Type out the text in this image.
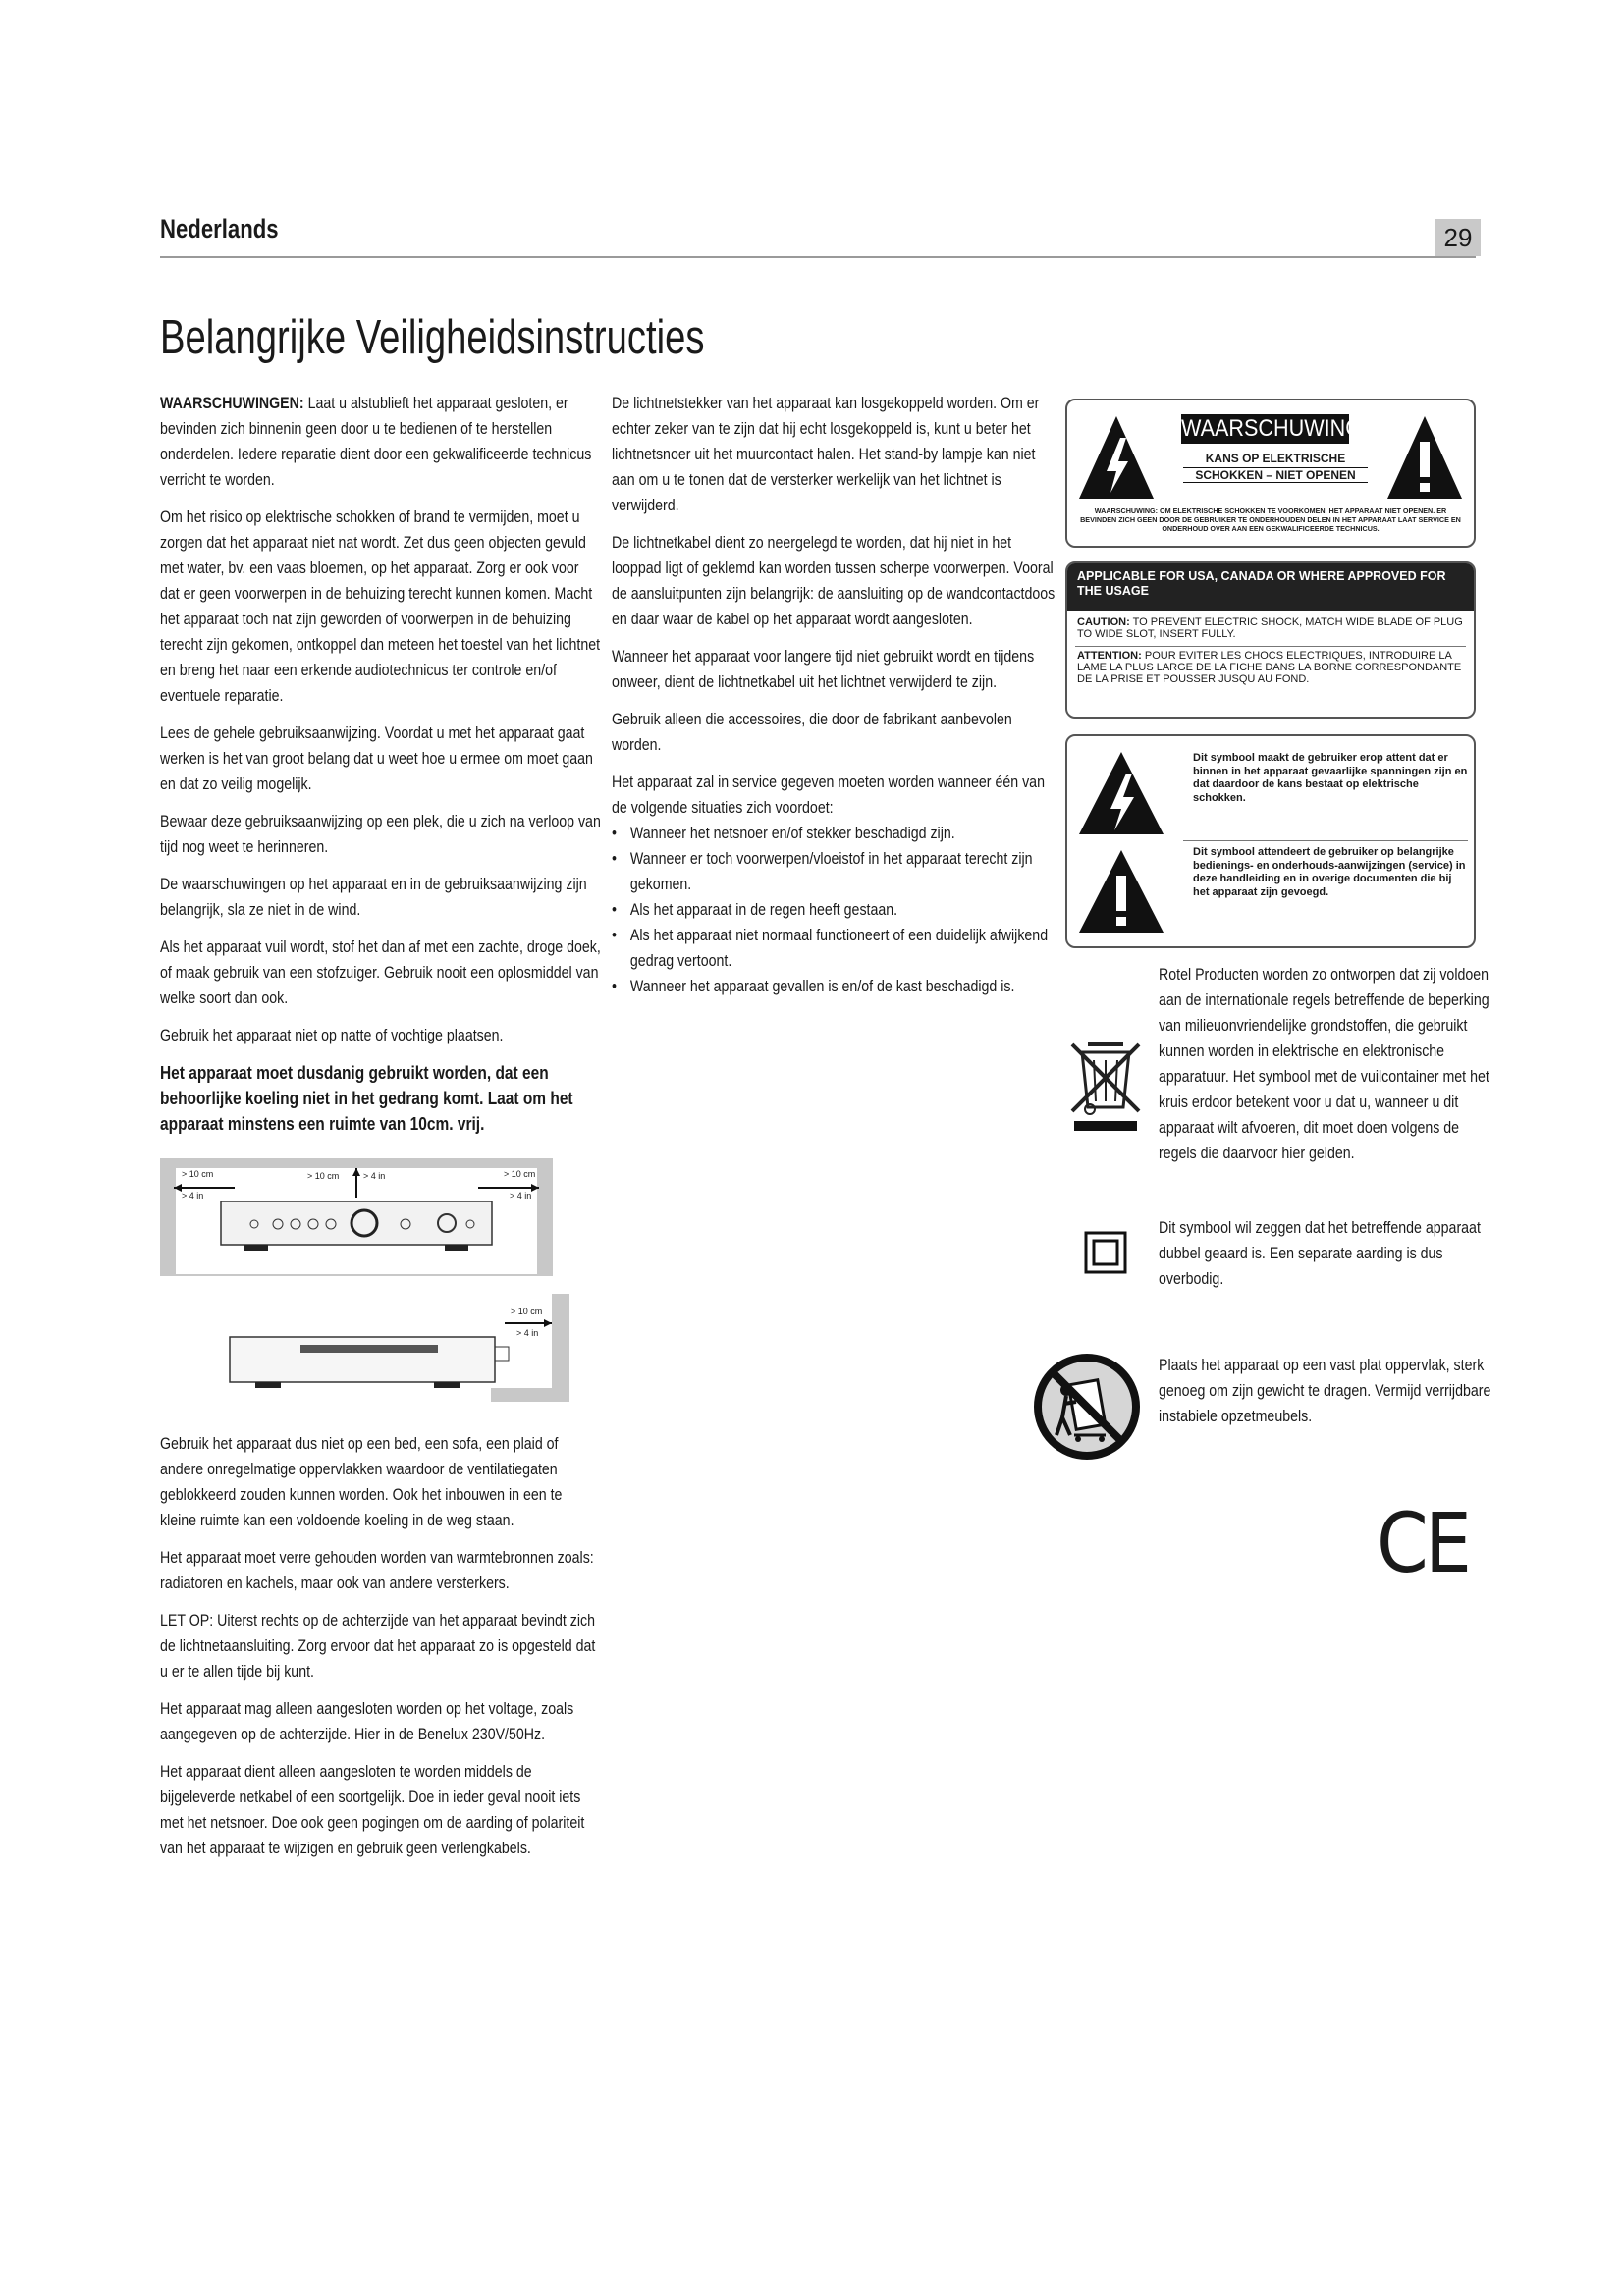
Nederlands	29
Belangrijke Veiligheidsinstructies

WAARSCHUWINGEN: Laat u alstublieft het apparaat gesloten, er bevinden zich binnenin geen door u te bedienen of te herstellen onderdelen. Iedere reparatie dient door een gekwalificeerde technicus verricht te worden.

Om het risico op elektrische schokken of brand te vermijden, moet u zorgen dat het apparaat niet nat wordt. Zet dus geen objecten gevuld met water, bv. een vaas bloemen, op het apparaat. Zorg er ook voor dat er geen voorwerpen in de behuizing terecht kunnen komen. Macht het apparaat toch nat zijn geworden of voorwerpen in de behuizing terecht zijn gekomen, ontkoppel dan meteen het toestel van het lichtnet en breng het naar een erkende audiotechnicus ter controle en/of eventuele reparatie.

Lees de gehele gebruiksaanwijzing. Voordat u met het apparaat gaat werken is het van groot belang dat u weet hoe u ermee om moet gaan en dat zo veilig mogelijk.

Bewaar deze gebruiksaanwijzing op een plek, die u zich na verloop van tijd nog weet te herinneren.

De waarschuwingen op het apparaat en in de gebruiksaanwijzing zijn belangrijk, sla ze niet in de wind.

Als het apparaat vuil wordt, stof het dan af met een zachte, droge doek, of maak gebruik van een stofzuiger. Gebruik nooit een oplosmiddel van welke soort dan ook.

Gebruik het apparaat niet op natte of vochtige plaatsen.

Het apparaat moet dusdanig gebruikt worden, dat een behoorlijke koeling niet in het gedrang komt. Laat om het apparaat minstens een ruimte van 10cm. vrij.

> 10 cm
> 4 in
> 10 cm	> 4 in	> 10 cm
> 4 in
> 10 cm
> 4 in

Gebruik het apparaat dus niet op een bed, een sofa, een plaid of andere onregelmatige oppervlakken waardoor de ventilatiegaten geblokkeerd zouden kunnen worden. Ook het inbouwen in een te kleine ruimte kan een voldoende koeling in de weg staan.

Het apparaat moet verre gehouden worden van warmtebronnen zoals: radiatoren en kachels, maar ook van andere versterkers.

LET OP: Uiterst rechts op de achterzijde van het apparaat bevindt zich de lichtnetaansluiting. Zorg ervoor dat het apparaat zo is opgesteld dat u er te allen tijde bij kunt.

Het apparaat mag alleen aangesloten worden op het voltage, zoals aangegeven op de achterzijde. Hier in de Benelux 230V/50Hz.

Het apparaat dient alleen aangesloten te worden middels de bijgeleverde netkabel of een soortgelijk. Doe in ieder geval nooit iets met het netsnoer. Doe ook geen pogingen om de aarding of polariteit van het apparaat te wijzigen en gebruik geen verlengkabels.

De lichtnetstekker van het apparaat kan losgekoppeld worden. Om er echter zeker van te zijn dat hij echt losgekoppeld is, kunt u beter het lichtnetsnoer uit het muurcontact halen. Het stand-by lampje kan niet aan om u te tonen dat de versterker werkelijk van het lichtnet is verwijderd.

De lichtnetkabel dient zo neergelegd te worden, dat hij niet in het looppad ligt of geklemd kan worden tussen scherpe voorwerpen. Vooral de aansluitpunten zijn belangrijk: de aansluiting op de wandcontactdoos en daar waar de kabel op het apparaat wordt aangesloten.

Wanneer het apparaat voor langere tijd niet gebruikt wordt en tijdens onweer, dient de lichtnetkabel uit het lichtnet verwijderd te zijn.

Gebruik alleen die accessoires, die door de fabrikant aanbevolen worden.

Het apparaat zal in service gegeven moeten worden wanneer één van de volgende situaties zich voordoet:

• Wanneer het netsnoer en/of stekker beschadigd zijn.
• Wanneer er toch voorwerpen/vloeistof in het apparaat terecht zijn gekomen.
• Als het apparaat in de regen heeft gestaan.
• Als het apparaat niet normaal functioneert of een duidelijk afwijkend gedrag vertoont.
• Wanneer het apparaat gevallen is en/of de kast beschadigd is.
WAARSCHUWING
KANS OP ELEKTRISCHE
SCHOKKEN – NIET OPENEN
WAARSCHUWING: OM ELEKTRISCHE SCHOKKEN TE VOORKOMEN, HET APPARAAT NIET OPENEN. ER BEVINDEN ZICH GEEN DOOR DE GEBRUIKER TE ONDERHOUDEN DELEN IN HET APPARAAT LAAT SERVICE EN ONDERHOUD OVER AAN EEN GEKWALIFICEERDE TECHNICUS.
APPLICABLE FOR USA, CANADA OR WHERE APPROVED FOR THE USAGE
CAUTION: TO PREVENT ELECTRIC SHOCK, MATCH WIDE BLADE OF PLUG TO WIDE SLOT, INSERT FULLY.
ATTENTION: POUR EVITER LES CHOCS ELECTRIQUES, INTRODUIRE LA LAME LA PLUS LARGE DE LA FICHE DANS LA BORNE CORRESPONDANTE DE LA PRISE ET POUSSER JUSQU AU FOND.
Dit symbool maakt de gebruiker erop attent dat er binnen in het apparaat gevaarlijke spanningen zijn en dat daardoor de kans bestaat op elektrische schokken.
Dit symbool attendeert de gebruiker op belangrijke bedienings- en onderhouds-aanwijzingen (service) in deze handleiding en in overige documenten die bij het apparaat zijn gevoegd.

Rotel Producten worden zo ontworpen dat zij voldoen aan de internationale regels betreffende de beperking van milieuonvriendelijke grondstoffen, die gebruikt kunnen worden in elektrische en elektronische apparatuur. Het symbool met de vuilcontainer met het kruis erdoor betekent voor u dat u, wanneer u dit apparaat wilt afvoeren, dit moet doen volgens de regels die daarvoor hier gelden.

Dit symbool wil zeggen dat het betreffende apparaat dubbel geaard is. Een separate aarding is dus overbodig.

Plaats het apparaat op een vast plat oppervlak, sterk genoeg om zijn gewicht te dragen. Vermijd verrijdbare instabiele opzetmeubels.

CE
